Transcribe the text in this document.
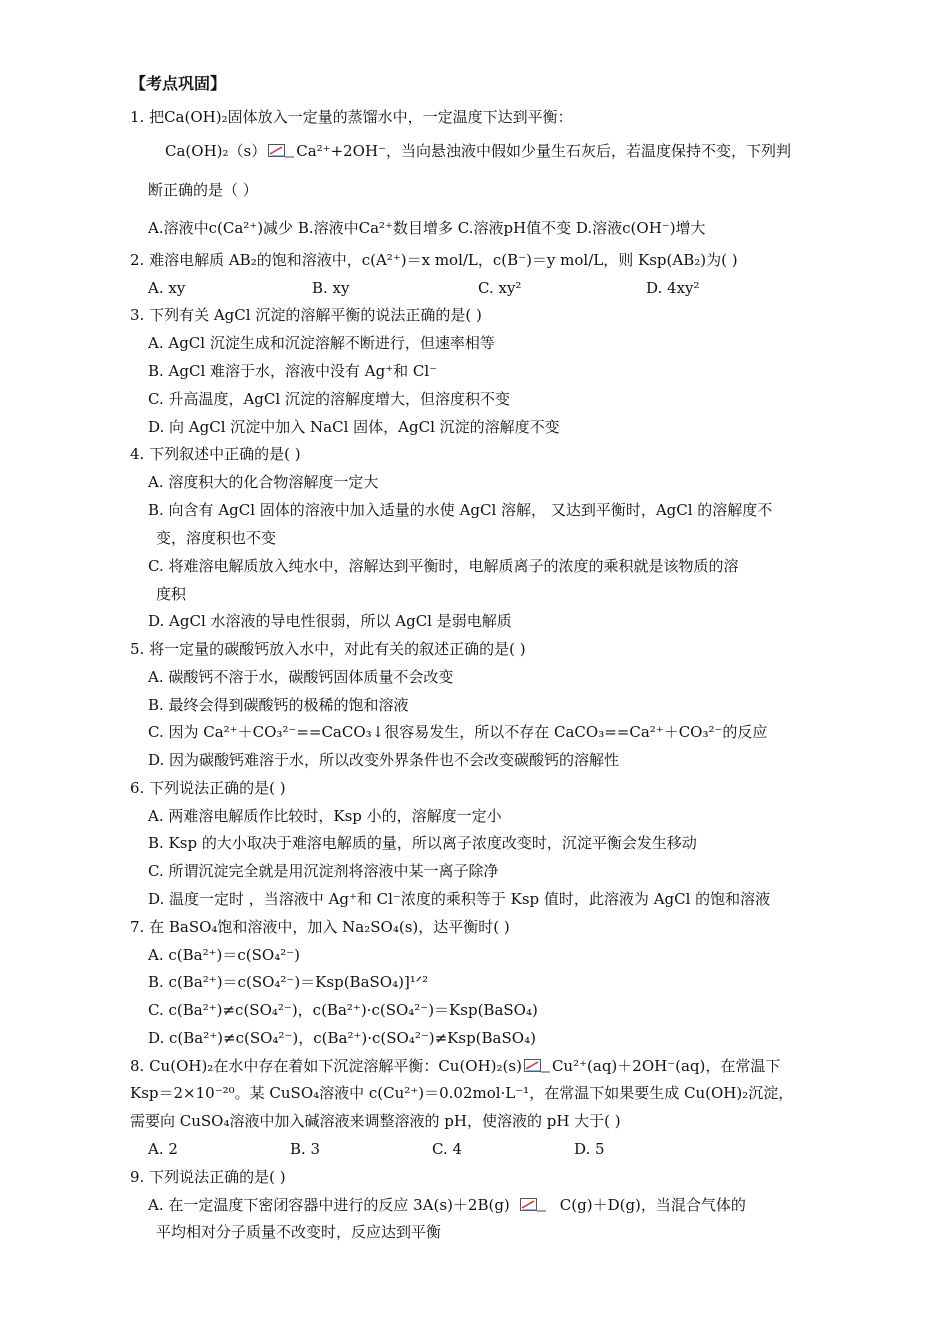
【考点巩固】
1. 把Ca(OH)₂固体放入一定量的蒸馏水中，一定温度下达到平衡：
Ca(OH)₂（s） Ca²⁺+2OH⁻，当向悬浊液中假如少量生石灰后，若温度保持不变，下列判
断正确的是（ ）
A.溶液中c(Ca²⁺)减少 B.溶液中Ca²⁺数目增多 C.溶液pH值不变 D.溶液c(OH⁻)增大
2. 难溶电解质 AB₂的饱和溶液中，c(A²⁺)＝x mol/L，c(B⁻)＝y mol/L，则 Ksp(AB₂)为( )
A. xy	B. xy	C. xy²	D. 4xy²
3. 下列有关 AgCl 沉淀的溶解平衡的说法正确的是( )
A. AgCl 沉淀生成和沉淀溶解不断进行，但速率相等
B. AgCl 难溶于水，溶液中没有 Ag⁺和 Cl⁻
C. 升高温度，AgCl 沉淀的溶解度增大，但溶度积不变
D. 向 AgCl 沉淀中加入 NaCl 固体，AgCl 沉淀的溶解度不变
4. 下列叙述中正确的是( )
A. 溶度积大的化合物溶解度一定大
B. 向含有 AgCl 固体的溶液中加入适量的水使 AgCl 溶解， 又达到平衡时，AgCl 的溶解度不
变，溶度积也不变
C. 将难溶电解质放入纯水中，溶解达到平衡时，电解质离子的浓度的乘积就是该物质的溶
度积
D. AgCl 水溶液的导电性很弱，所以 AgCl 是弱电解质
5. 将一定量的碳酸钙放入水中，对此有关的叙述正确的是( )
A. 碳酸钙不溶于水，碳酸钙固体质量不会改变
B. 最终会得到碳酸钙的极稀的饱和溶液
C. 因为 Ca²⁺＋CO₃²⁻==CaCO₃↓很容易发生，所以不存在 CaCO₃==Ca²⁺＋CO₃²⁻的反应
D. 因为碳酸钙难溶于水，所以改变外界条件也不会改变碳酸钙的溶解性
6. 下列说法正确的是( )
A. 两难溶电解质作比较时，Ksp 小的，溶解度一定小
B. Ksp 的大小取决于难溶电解质的量，所以离子浓度改变时，沉淀平衡会发生移动
C. 所谓沉淀完全就是用沉淀剂将溶液中某一离子除净
D. 温度一定时 ，当溶液中 Ag⁺和 Cl⁻浓度的乘积等于 Ksp 值时，此溶液为 AgCl 的饱和溶液
7. 在 BaSO₄饱和溶液中，加入 Na₂SO₄(s)，达平衡时( )
A. c(Ba²⁺)＝c(SO₄²⁻)
B. c(Ba²⁺)＝c(SO₄²⁻)＝Ksp(BaSO₄)]¹ᐟ²
C. c(Ba²⁺)≠c(SO₄²⁻)，c(Ba²⁺)·c(SO₄²⁻)＝Ksp(BaSO₄)
D. c(Ba²⁺)≠c(SO₄²⁻)，c(Ba²⁺)·c(SO₄²⁻)≠Ksp(BaSO₄)
8. Cu(OH)₂在水中存在着如下沉淀溶解平衡：Cu(OH)₂(s) Cu²⁺(aq)＋2OH⁻(aq)，在常温下
Ksp＝2×10⁻²⁰。某 CuSO₄溶液中 c(Cu²⁺)＝0.02mol·L⁻¹，在常温下如果要生成 Cu(OH)₂沉淀，
需要向 CuSO₄溶液中加入碱溶液来调整溶液的 pH，使溶液的 pH 大于( )
A. 2	B. 3	C. 4	D. 5
9. 下列说法正确的是( )
A. 在一定温度下密闭容器中进行的反应 3A(s)＋2B(g)	C(g)＋D(g)，当混合气体的
平均相对分子质量不改变时，反应达到平衡
